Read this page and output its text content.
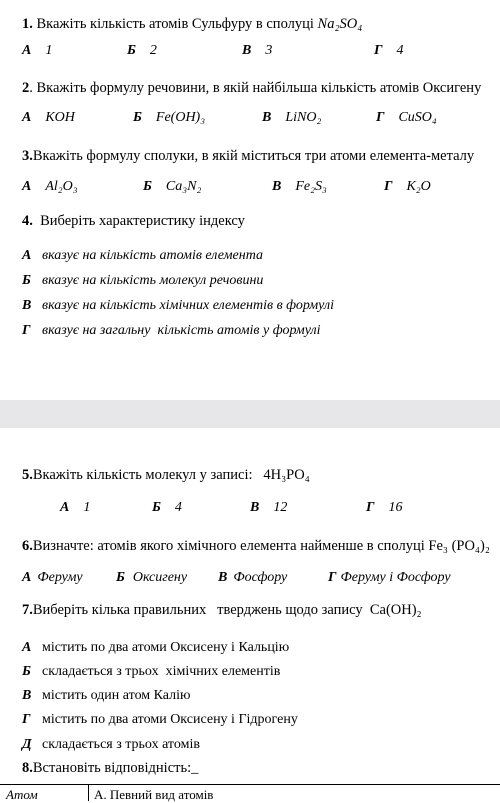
1. Вкажіть кількість атомів Сульфуру в сполуці Na₂SO₄
А 1	Б 2	В 3	Г 4
2. Вкажіть формулу речовини, в якій найбільша кількість атомів Оксигену
А KOH	Б Fe(OH)₃	В LiNO₂	Г CuSO₄
3.Вкажіть формулу сполуки, в якій міститься три атоми елемента-металу
А Al₂O₃	Б Ca₃N₂	В Fe₂S₃	Г K₂O
4.  Виберіть характеристику індексу
А вказує на кількість атомів елемента
Б вказує на кількість молекул речовини
В вказує на кількість хімічних елементів в формулі
Г вказує на загальну  кількість атомів у формулі
5.Вкажіть кількість молекул у записі:   4H₃PO₄
А 1	Б 4	В 12	Г 16
6.Визначте: атомів якого хімічного елемента найменше в сполуці Fe₃ (PO₄)₂
А Феруму Б Оксигену В Фосфору	Г Феруму і Фосфору
7.Виберіть кілька правильних   тверджень щодо запису  Ca(OH)₂
А містить по два атоми Оксисену і Кальцію
Б складається з трьох  хімічних елементів
В містить один атом Калію
Г містить по два атоми Оксисену і Гідрогену
Д складається з трьох атомів
8.Встановіть відповідність:_
Атом	А. Певний вид атомів
